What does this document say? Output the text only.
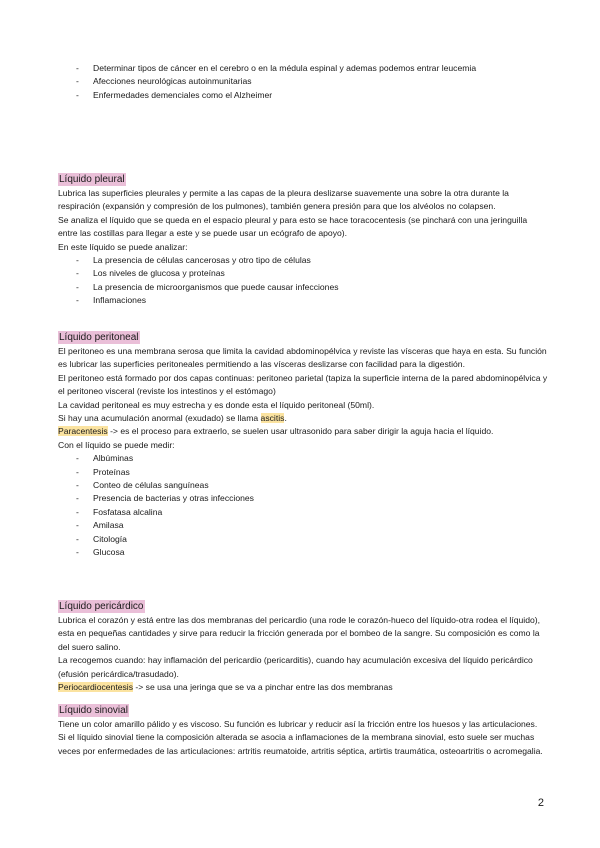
- Determinar tipos de cáncer en el cerebro o en la médula espinal y ademas podemos entrar leucemia
- Afecciones neurológicas autoinmunitarias
- Enfermedades demenciales como el Alzheimer
Líquido pleural

Lubrica las superficies pleurales y permite a las capas de la pleura deslizarse suavemente una sobre la otra durante la respiración (expansión y compresión de los pulmones), también genera presión para que los alvéolos no colapsen.

Se analiza el líquido que se queda en el espacio pleural y para esto se hace toracocentesis (se pinchará con una jeringuilla entre las costillas para llegar a este y se puede usar un ecógrafo de apoyo).

En este líquido se puede analizar:

- La presencia de células cancerosas y otro tipo de células
- Los niveles de glucosa y proteínas
- La presencia de microorganismos que puede causar infecciones
- Inflamaciones
Líquido peritoneal

El peritoneo es una membrana serosa que limita la cavidad abdominopélvica y reviste las vísceras que haya en esta. Su función es lubricar las superficies peritoneales permitiendo a las vísceras deslizarse con facilidad para la digestión.

El peritoneo está formado por dos capas continuas: peritoneo parietal (tapiza la superficie interna de la pared abdominopélvica y el peritoneo visceral (reviste los intestinos y el estómago)

La cavidad peritoneal es muy estrecha y es donde esta el líquido peritoneal (50ml).

Si hay una acumulación anormal (exudado) se llama ascitis.

Paracentesis -> es el proceso para extraerlo, se suelen usar ultrasonido para saber dirigir la aguja hacia el líquido.

Con el líquido se puede medir:

- Albúminas
- Proteínas
- Conteo de células sanguíneas
- Presencia de bacterias y otras infecciones
- Fosfatasa alcalina
- Amilasa
- Citología
- Glucosa
Líquido pericárdico

Lubrica el corazón y está entre las dos membranas del pericardio (una rode le corazón-hueco del líquido-otra rodea el líquido), esta en pequeñas cantidades y sirve para reducir la fricción generada por el bombeo de la sangre. Su composición es como la del suero salino.

La recogemos cuando: hay inflamación del pericardio (pericarditis), cuando hay acumulación excesiva del líquido pericárdico (efusión pericárdica/trasudado).

Periocardiocentesis -> se usa una jeringa que se va a pinchar entre las dos membranas

Líquido sinovial

Tiene un color amarillo pálido y es viscoso. Su función es lubricar y reducir así la fricción entre los huesos y las articulaciones.

Si el líquido sinovial tiene la composición alterada se asocia a inflamaciones de la membrana sinovial, esto suele ser muchas veces por enfermedades de las articulaciones: artritis reumatoide, artritis séptica, artirtis traumática, osteoartritis o acromegalia.

2
